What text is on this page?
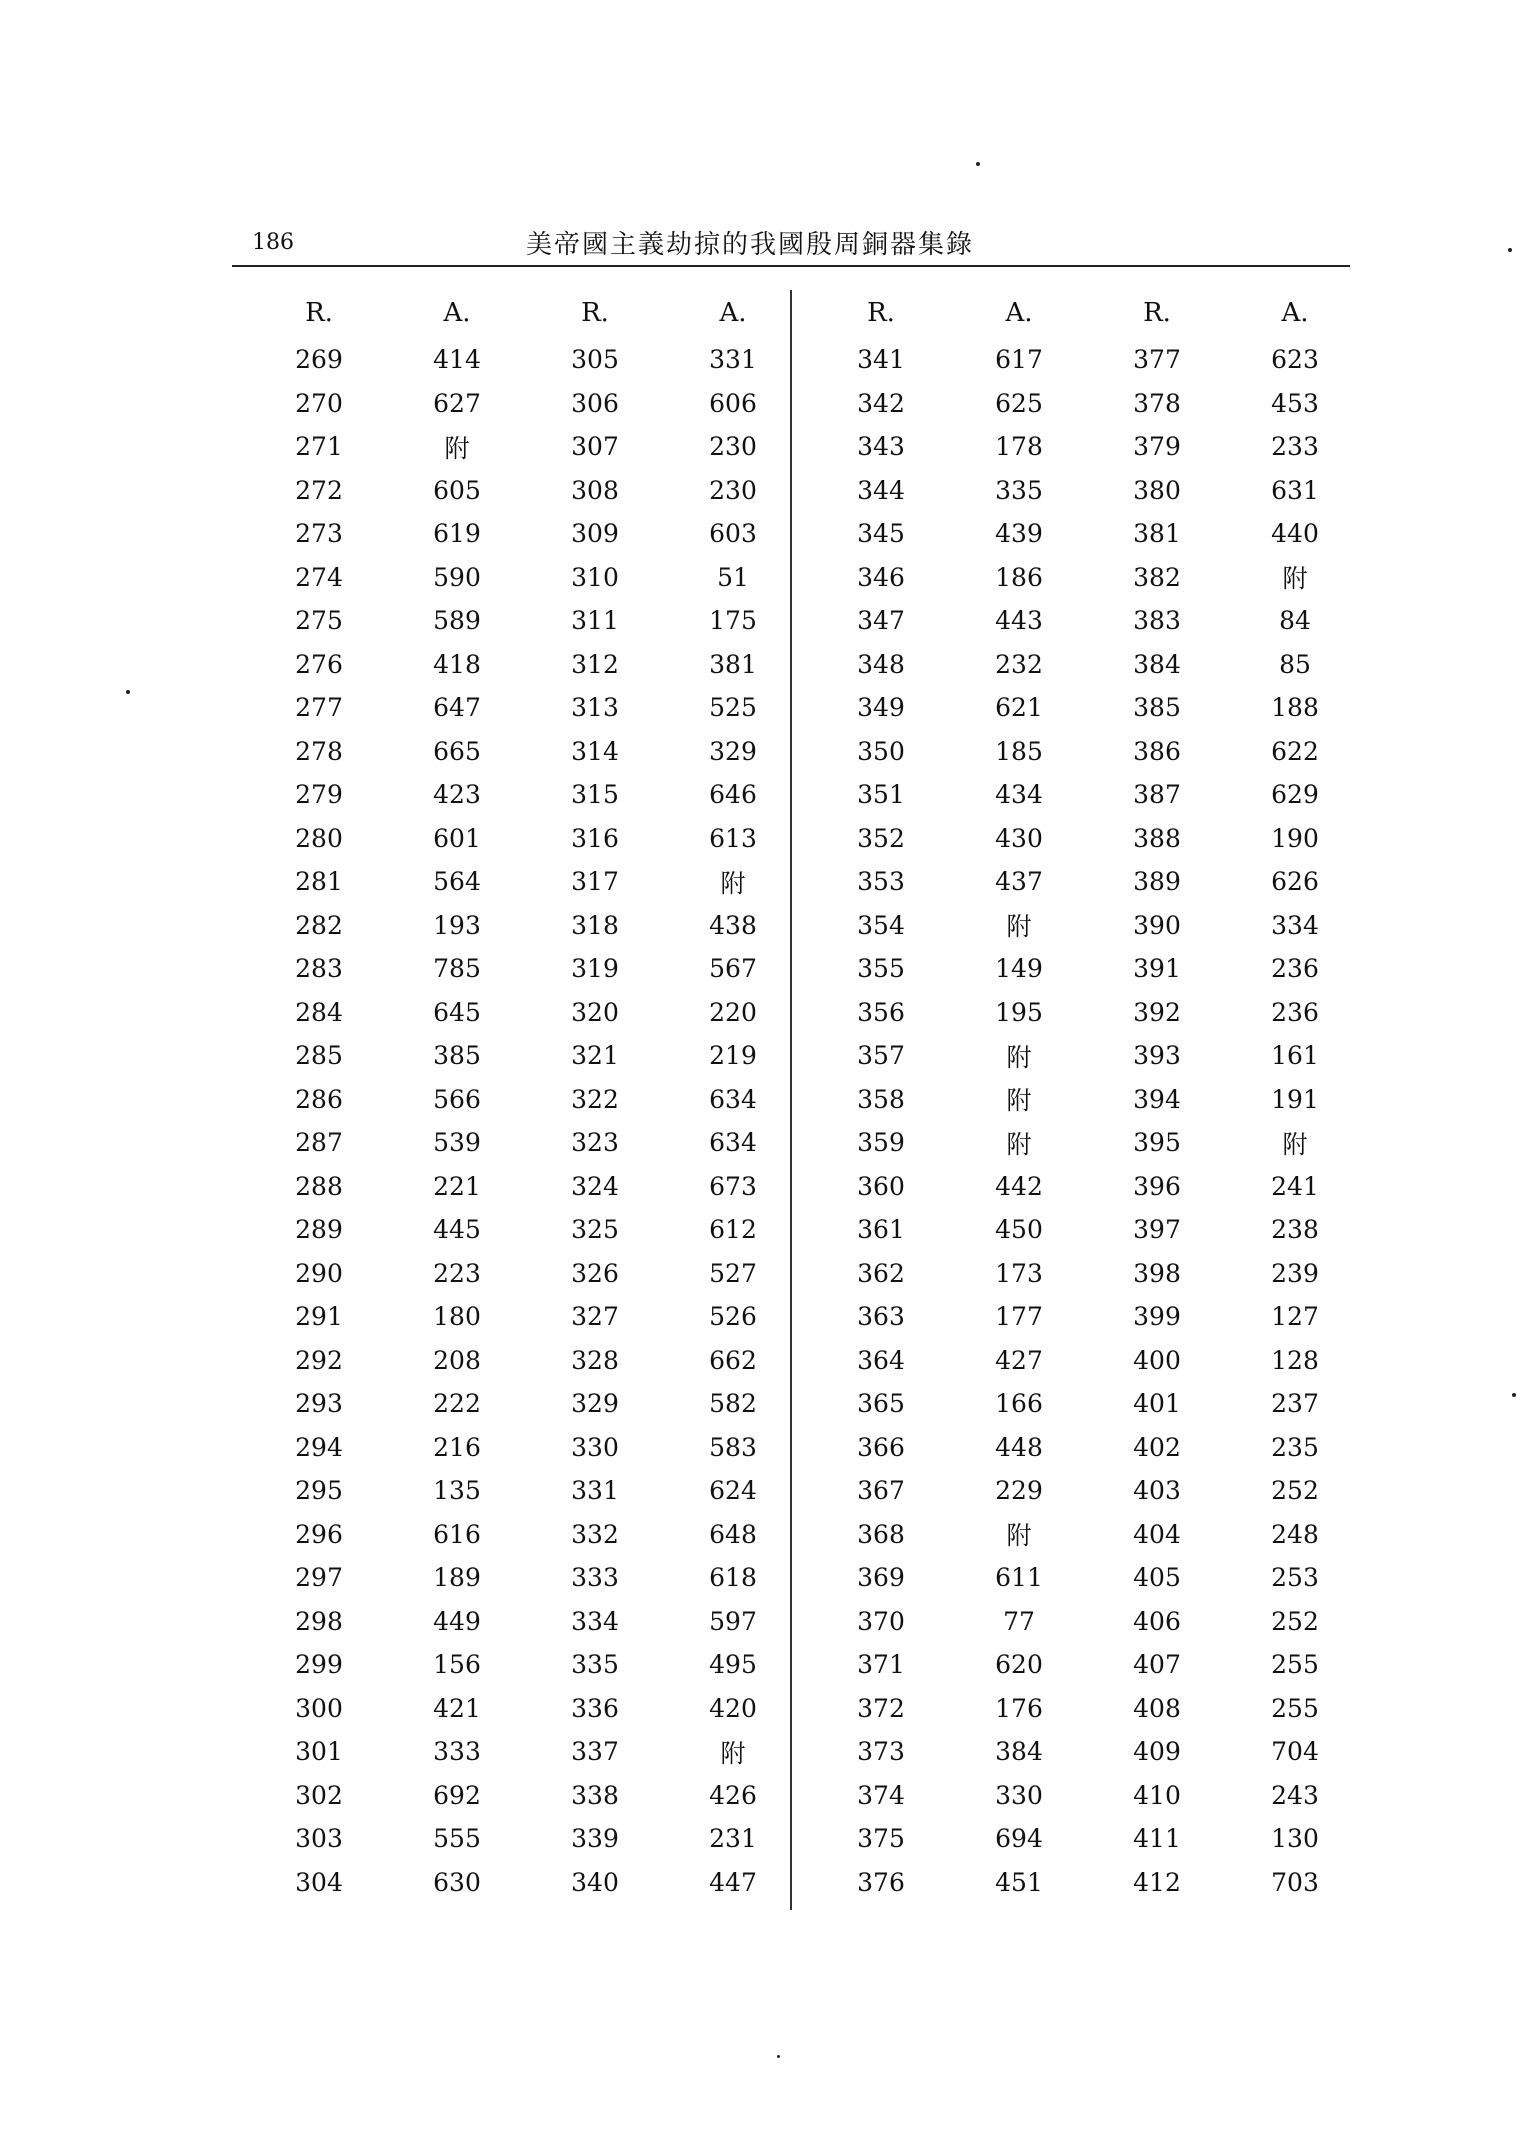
186	美帝國主義劫掠的我國殷周銅器集錄
R.	A.	R.	A.		R.	A.	R.	A.
269	414	305	331		341	617	377	623
270	627	306	606		342	625	378	453
271	附	307	230		343	178	379	233
272	605	308	230		344	335	380	631
273	619	309	603		345	439	381	440
274	590	310	51		346	186	382	附
275	589	311	175		347	443	383	84
276	418	312	381		348	232	384	85
277	647	313	525		349	621	385	188
278	665	314	329		350	185	386	622
279	423	315	646		351	434	387	629
280	601	316	613		352	430	388	190
281	564	317	附		353	437	389	626
282	193	318	438		354	附	390	334
283	785	319	567		355	149	391	236
284	645	320	220		356	195	392	236
285	385	321	219		357	附	393	161
286	566	322	634		358	附	394	191
287	539	323	634		359	附	395	附
288	221	324	673		360	442	396	241
289	445	325	612		361	450	397	238
290	223	326	527		362	173	398	239
291	180	327	526		363	177	399	127
292	208	328	662		364	427	400	128
293	222	329	582		365	166	401	237
294	216	330	583		366	448	402	235
295	135	331	624		367	229	403	252
296	616	332	648		368	附	404	248
297	189	333	618		369	611	405	253
298	449	334	597		370	77	406	252
299	156	335	495		371	620	407	255
300	421	336	420		372	176	408	255
301	333	337	附		373	384	409	704
302	692	338	426		374	330	410	243
303	555	339	231		375	694	411	130
304	630	340	447		376	451	412	703
